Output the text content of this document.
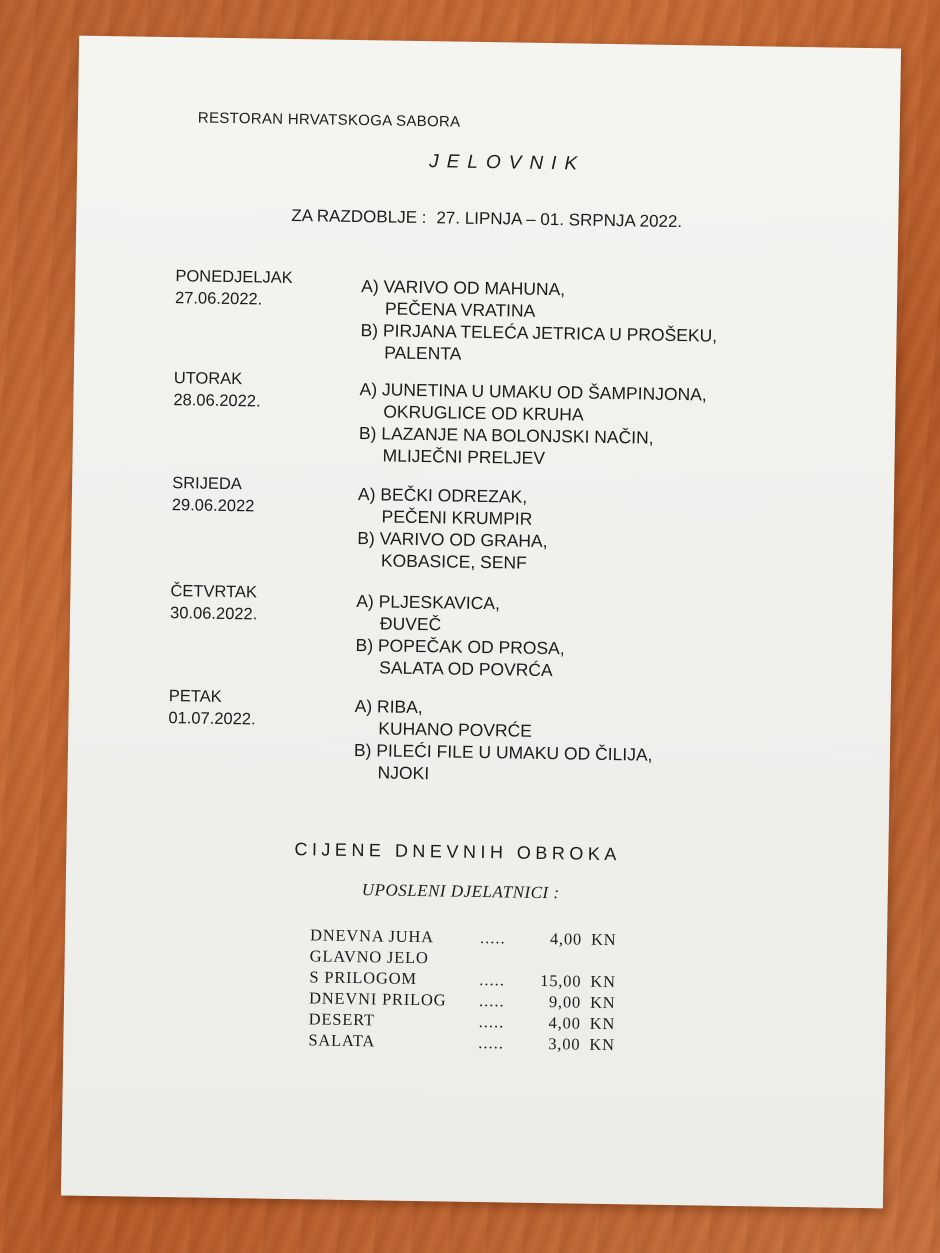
RESTORAN HRVATSKOGA SABORA

JELOVNIK

ZA RAZDOBLJE : 27. LIPNJA – 01. SRPNJA 2022.

PONEDJELJAK
27.06.2022.	A) VARIVO OD MAHUNA,
PEČENA VRATINA
B) PIRJANA TELEĆA JETRICA U PROŠEKU,
PALENTA
UTORAK
28.06.2022.	A) JUNETINA U UMAKU OD ŠAMPINJONA,
OKRUGLICE OD KRUHA
B) LAZANJE NA BOLONJSKI NAČIN,
MLIJEČNI PRELJEV
SRIJEDA
29.06.2022	A) BEČKI ODREZAK,
PEČENI KRUMPIR
B) VARIVO OD GRAHA,
KOBASICE, SENF
ČETVRTAK
30.06.2022.
A) PLJESKAVICA,
ĐUVEČ
B) POPEČAK OD PROSA,
SALATA OD POVRĆA
PETAK
01.07.2022.
A) RIBA,
KUHANO POVRĆE
B) PILEĆI FILE U UMAKU OD ČILIJA,
NJOKI

CIJENE DNEVNIH OBROKA

UPOSLENI DJELATNICI :

DNEVNA JUHA	.....	4,00 KN
GLAVNO JELO
S PRILOGOM	.....	15,00 KN
DNEVNI PRILOG	.....	9,00 KN
DESERT	.....	4,00 KN
SALATA	.....	3,00 KN
